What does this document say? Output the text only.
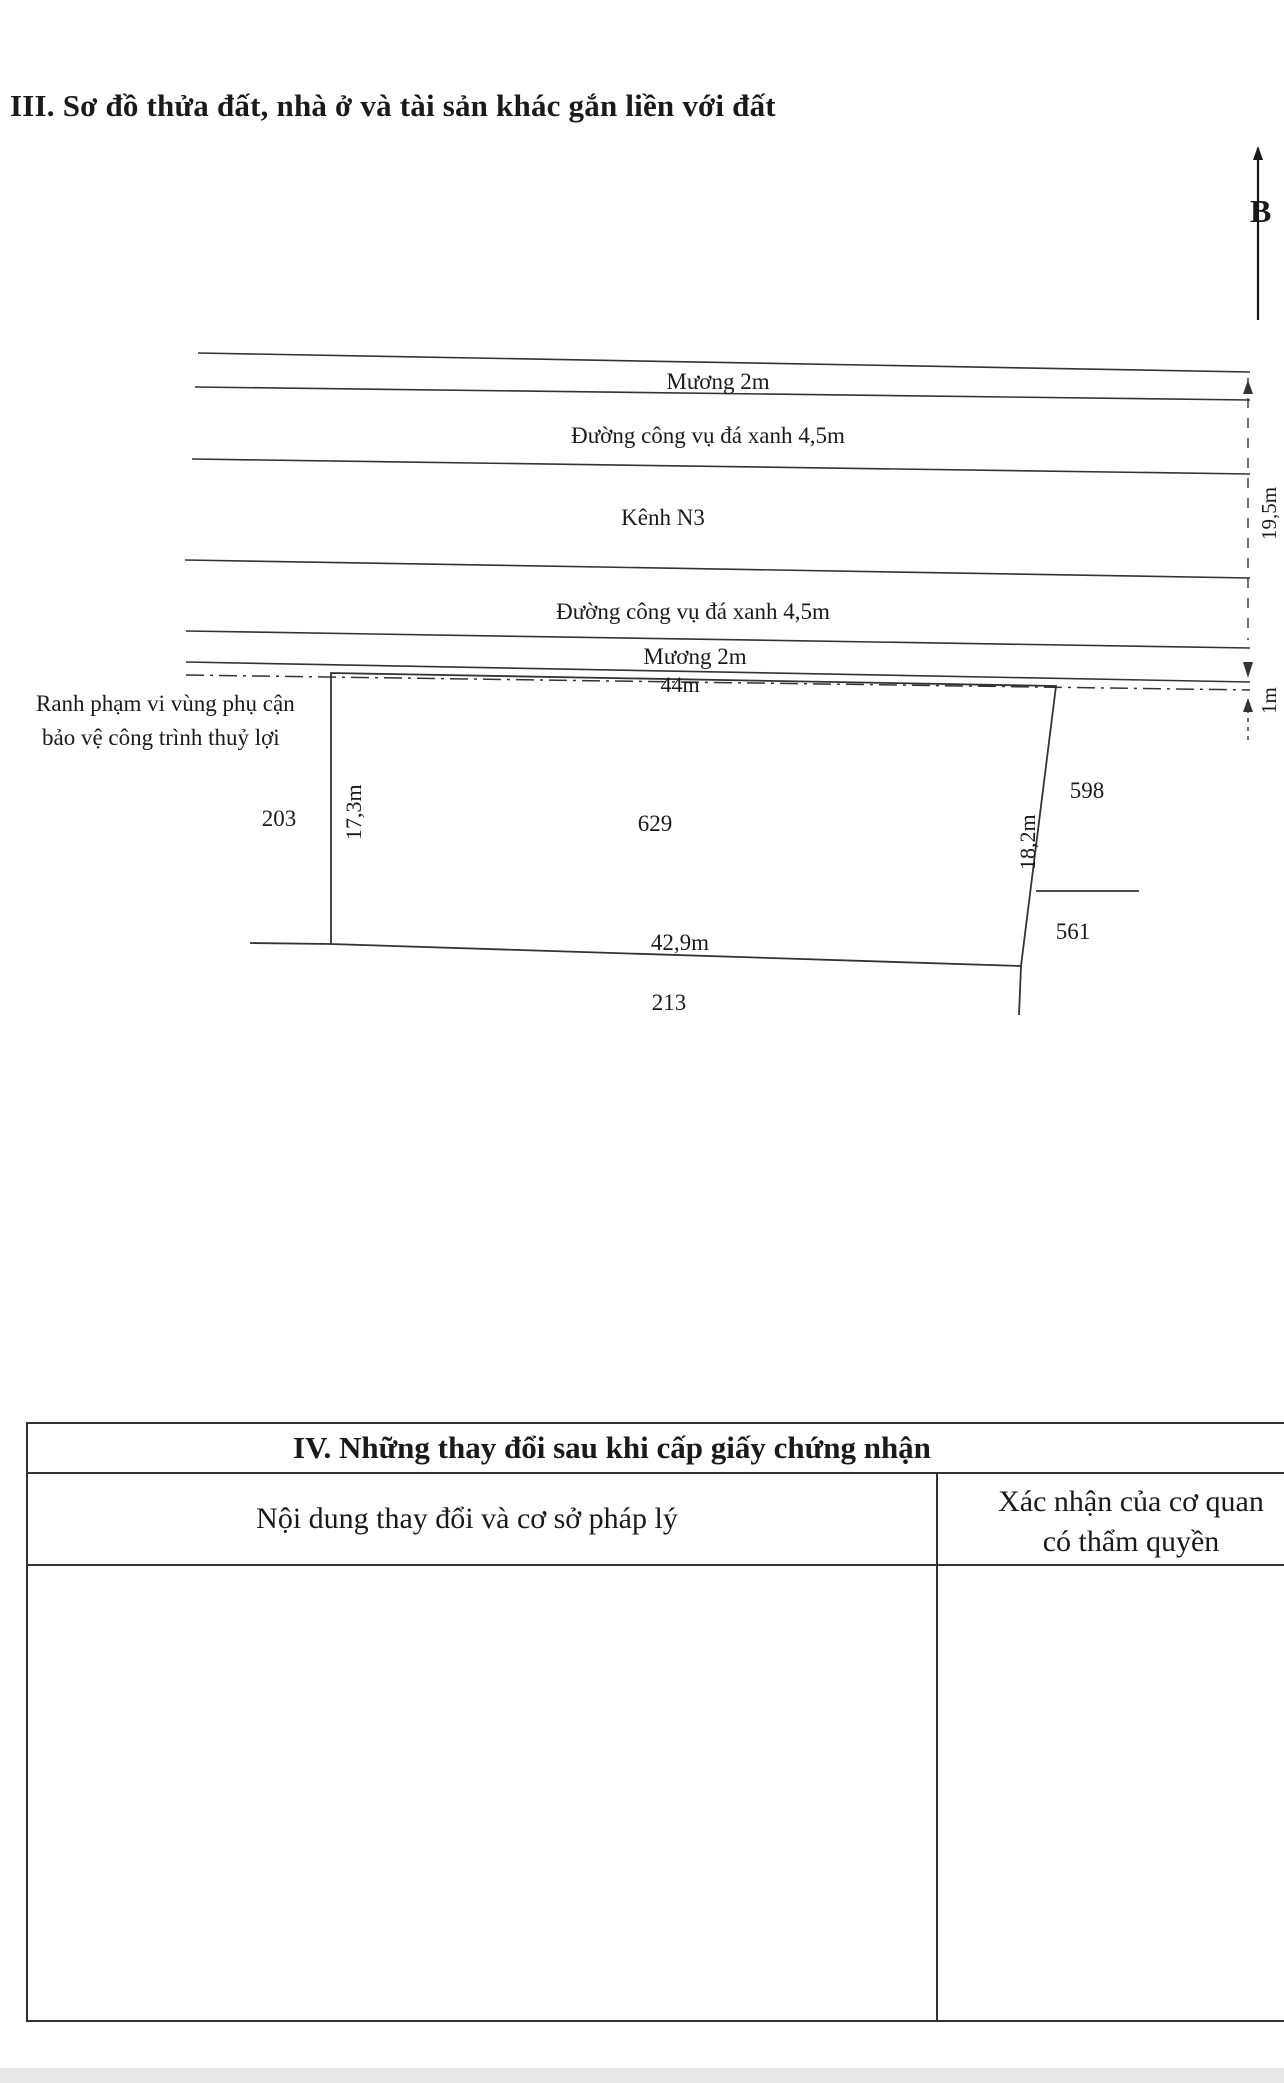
III. Sơ đồ thửa đất, nhà ở và tài sản khác gắn liền với đất
B
Mương 2m
Đường công vụ đá xanh 4,5m
Kênh N3
Đường công vụ đá xanh 4,5m
Mương 2m
19,5m
1m
Ranh phạm vi vùng phụ cận
bảo vệ công trình thuỷ lợi
44m
17,3m
18,2m
42,9m
629
203
598
561
213
IV. Những thay đổi sau khi cấp giấy chứng nhận
Nội dung thay đổi và cơ sở pháp lý
Xác nhận của cơ quan
có thẩm quyền
